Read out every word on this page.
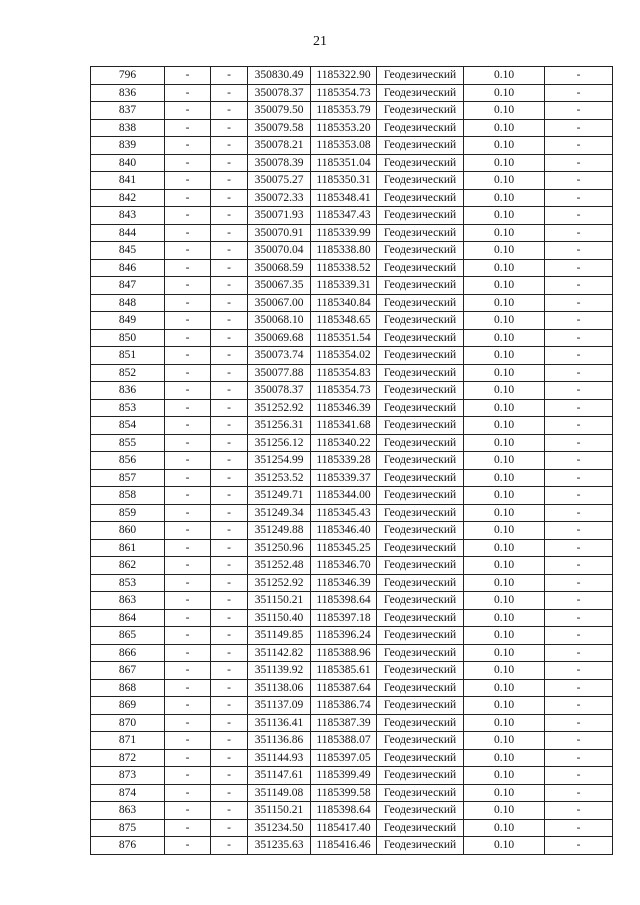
21
796	-	-	350830.49	1185322.90	Геодезический	0.10	-
836	-	-	350078.37	1185354.73	Геодезический	0.10	-
837	-	-	350079.50	1185353.79	Геодезический	0.10	-
838	-	-	350079.58	1185353.20	Геодезический	0.10	-
839	-	-	350078.21	1185353.08	Геодезический	0.10	-
840	-	-	350078.39	1185351.04	Геодезический	0.10	-
841	-	-	350075.27	1185350.31	Геодезический	0.10	-
842	-	-	350072.33	1185348.41	Геодезический	0.10	-
843	-	-	350071.93	1185347.43	Геодезический	0.10	-
844	-	-	350070.91	1185339.99	Геодезический	0.10	-
845	-	-	350070.04	1185338.80	Геодезический	0.10	-
846	-	-	350068.59	1185338.52	Геодезический	0.10	-
847	-	-	350067.35	1185339.31	Геодезический	0.10	-
848	-	-	350067.00	1185340.84	Геодезический	0.10	-
849	-	-	350068.10	1185348.65	Геодезический	0.10	-
850	-	-	350069.68	1185351.54	Геодезический	0.10	-
851	-	-	350073.74	1185354.02	Геодезический	0.10	-
852	-	-	350077.88	1185354.83	Геодезический	0.10	-
836	-	-	350078.37	1185354.73	Геодезический	0.10	-
853	-	-	351252.92	1185346.39	Геодезический	0.10	-
854	-	-	351256.31	1185341.68	Геодезический	0.10	-
855	-	-	351256.12	1185340.22	Геодезический	0.10	-
856	-	-	351254.99	1185339.28	Геодезический	0.10	-
857	-	-	351253.52	1185339.37	Геодезический	0.10	-
858	-	-	351249.71	1185344.00	Геодезический	0.10	-
859	-	-	351249.34	1185345.43	Геодезический	0.10	-
860	-	-	351249.88	1185346.40	Геодезический	0.10	-
861	-	-	351250.96	1185345.25	Геодезический	0.10	-
862	-	-	351252.48	1185346.70	Геодезический	0.10	-
853	-	-	351252.92	1185346.39	Геодезический	0.10	-
863	-	-	351150.21	1185398.64	Геодезический	0.10	-
864	-	-	351150.40	1185397.18	Геодезический	0.10	-
865	-	-	351149.85	1185396.24	Геодезический	0.10	-
866	-	-	351142.82	1185388.96	Геодезический	0.10	-
867	-	-	351139.92	1185385.61	Геодезический	0.10	-
868	-	-	351138.06	1185387.64	Геодезический	0.10	-
869	-	-	351137.09	1185386.74	Геодезический	0.10	-
870	-	-	351136.41	1185387.39	Геодезический	0.10	-
871	-	-	351136.86	1185388.07	Геодезический	0.10	-
872	-	-	351144.93	1185397.05	Геодезический	0.10	-
873	-	-	351147.61	1185399.49	Геодезический	0.10	-
874	-	-	351149.08	1185399.58	Геодезический	0.10	-
863	-	-	351150.21	1185398.64	Геодезический	0.10	-
875	-	-	351234.50	1185417.40	Геодезический	0.10	-
876	-	-	351235.63	1185416.46	Геодезический	0.10	-
